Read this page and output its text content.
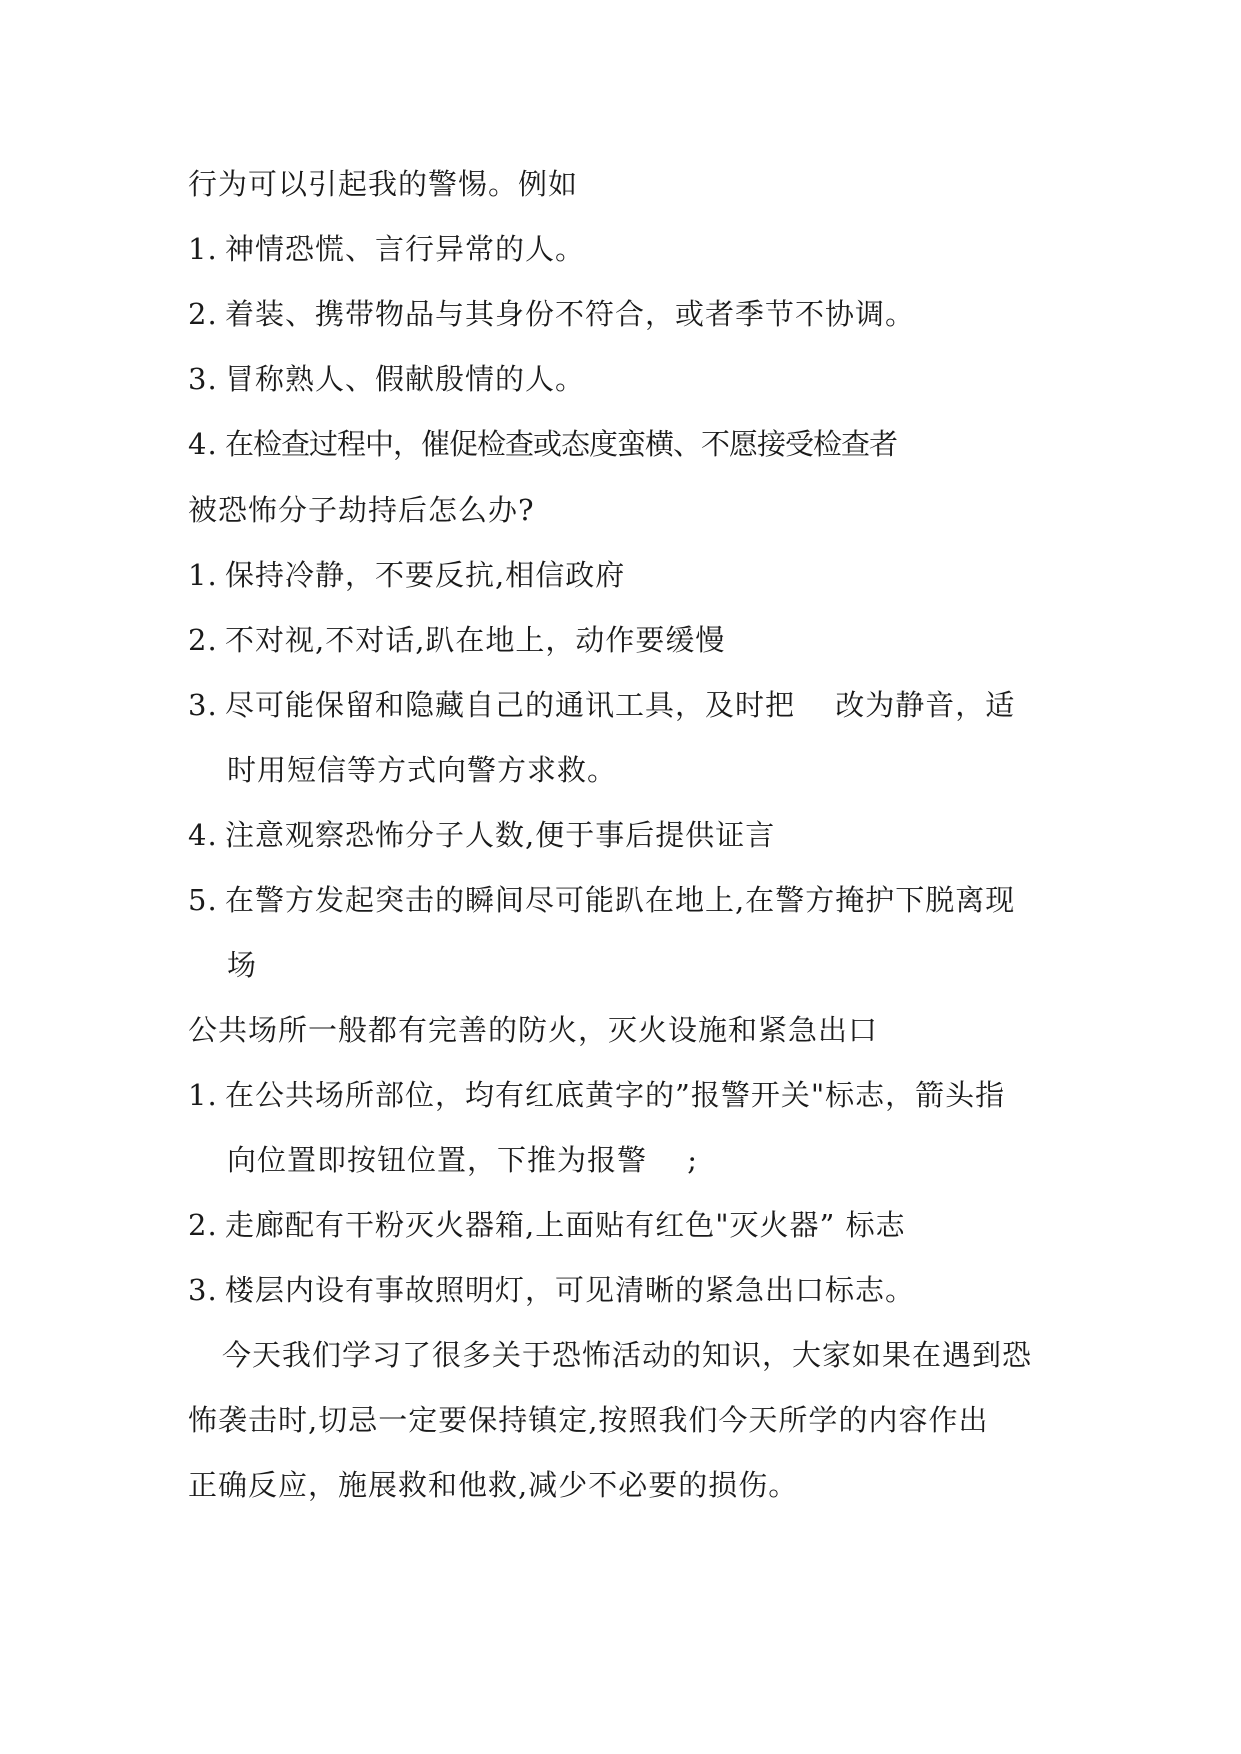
行为可以引起我的警惕。例如
1. 神情恐慌、言行异常的人。
2. 着装、携带物品与其身份不符合，或者季节不协调。
3. 冒称熟人、假献殷情的人。
4. 在检查过程中，催促检查或态度蛮横、不愿接受检查者
被恐怖分子劫持后怎么办?
1. 保持冷静，不要反抗,相信政府
2. 不对视,不对话,趴在地上，动作要缓慢
3. 尽可能保留和隐藏自己的通讯工具，及时把　 改为静音，适
时用短信等方式向警方求救。
4. 注意观察恐怖分子人数,便于事后提供证言
5. 在警方发起突击的瞬间尽可能趴在地上,在警方掩护下脱离现
场
公共场所一般都有完善的防火，灭火设施和紧急出口
1. 在公共场所部位，均有红底黄字的”报警开关"标志，箭头指
向位置即按钮位置，下推为报警　 ;
2. 走廊配有干粉灭火器箱,上面贴有红色"灭火器” 标志
3. 楼层内设有事故照明灯，可见清晰的紧急出口标志。
今天我们学习了很多关于恐怖活动的知识，大家如果在遇到恐
怖袭击时,切忌一定要保持镇定,按照我们今天所学的内容作出
正确反应，施展救和他救,减少不必要的损伤。
